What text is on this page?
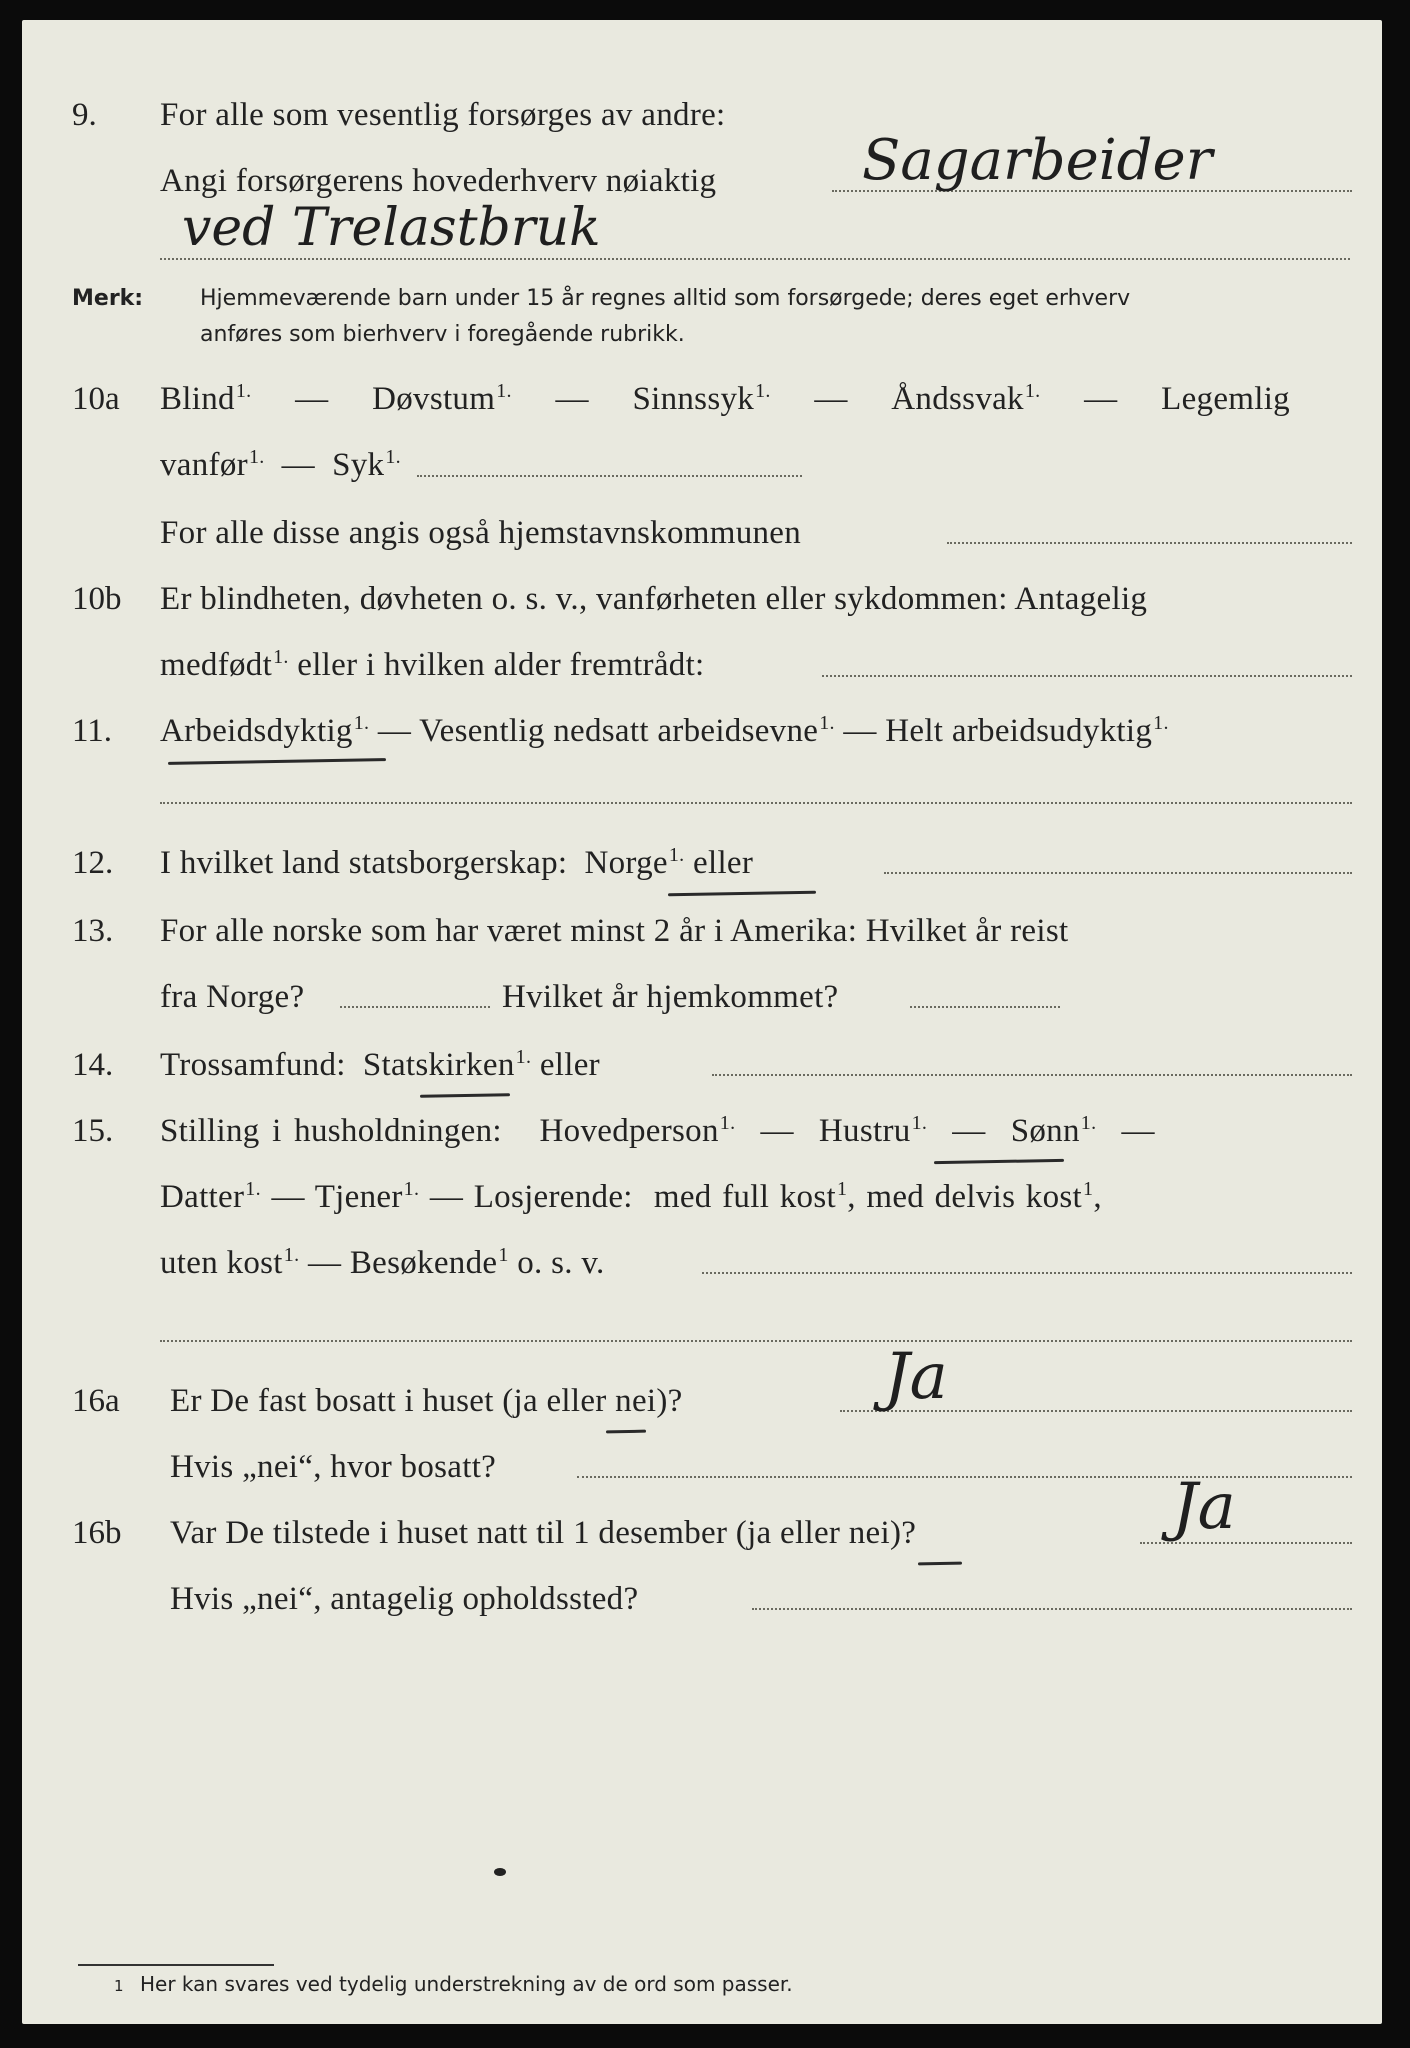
9. For alle som vesentlig forsørges av andre:
Angi forsørgerens hovederhverv nøiaktig	Sagarbeider
ved Trelastbruk
Merk:	Hjemmeværende barn under 15 år regnes alltid som forsørgede; deres eget erhverv
anføres som bierhverv i foregående rubrikk.
10a Blind$^{1.}$ — Døvstum$^{1.}$ — Sinnssyk$^{1.}$ — Åndssvak$^{1.}$ — Legemlig
vanfør$^{1.}$ — Syk$^{1.}$
For alle disse angis også hjemstavnskommunen
10b Er blindheten, døvheten o. s. v., vanførheten eller sykdommen: Antagelig
medfødt$^{1.}$ eller i hvilken alder fremtrådt:
11. Arbeidsdyktig$^{1.}$ — Vesentlig nedsatt arbeidsevne$^{1.}$ — Helt arbeidsudyktig$^{1.}$
12. I hvilket land statsborgerskap: Norge$^{1.}$ eller
13. For alle norske som har været minst 2 år i Amerika: Hvilket år reist
fra Norge?	Hvilket år hjemkommet?
14. Trossamfund: Statskirken$^{1.}$ eller
15. Stilling i husholdningen: Hovedperson$^{1.}$ — Hustru$^{1.}$ — Sønn$^{1.}$ —
Datter$^{1.}$ — Tjener$^{1.}$ — Losjerende: med full kost$^1$, med delvis kost$^1$,
uten kost$^{1.}$ — Besøkende$^1$ o. s. v.
16a Er De fast bosatt i huset (ja eller nei)?	Ja
Hvis „nei“, hvor bosatt?
16b Var De tilstede i huset natt til 1 desember (ja eller nei)?	Ja
Hvis „nei“, antagelig opholdssted?
1 Her kan svares ved tydelig understrekning av de ord som passer.
